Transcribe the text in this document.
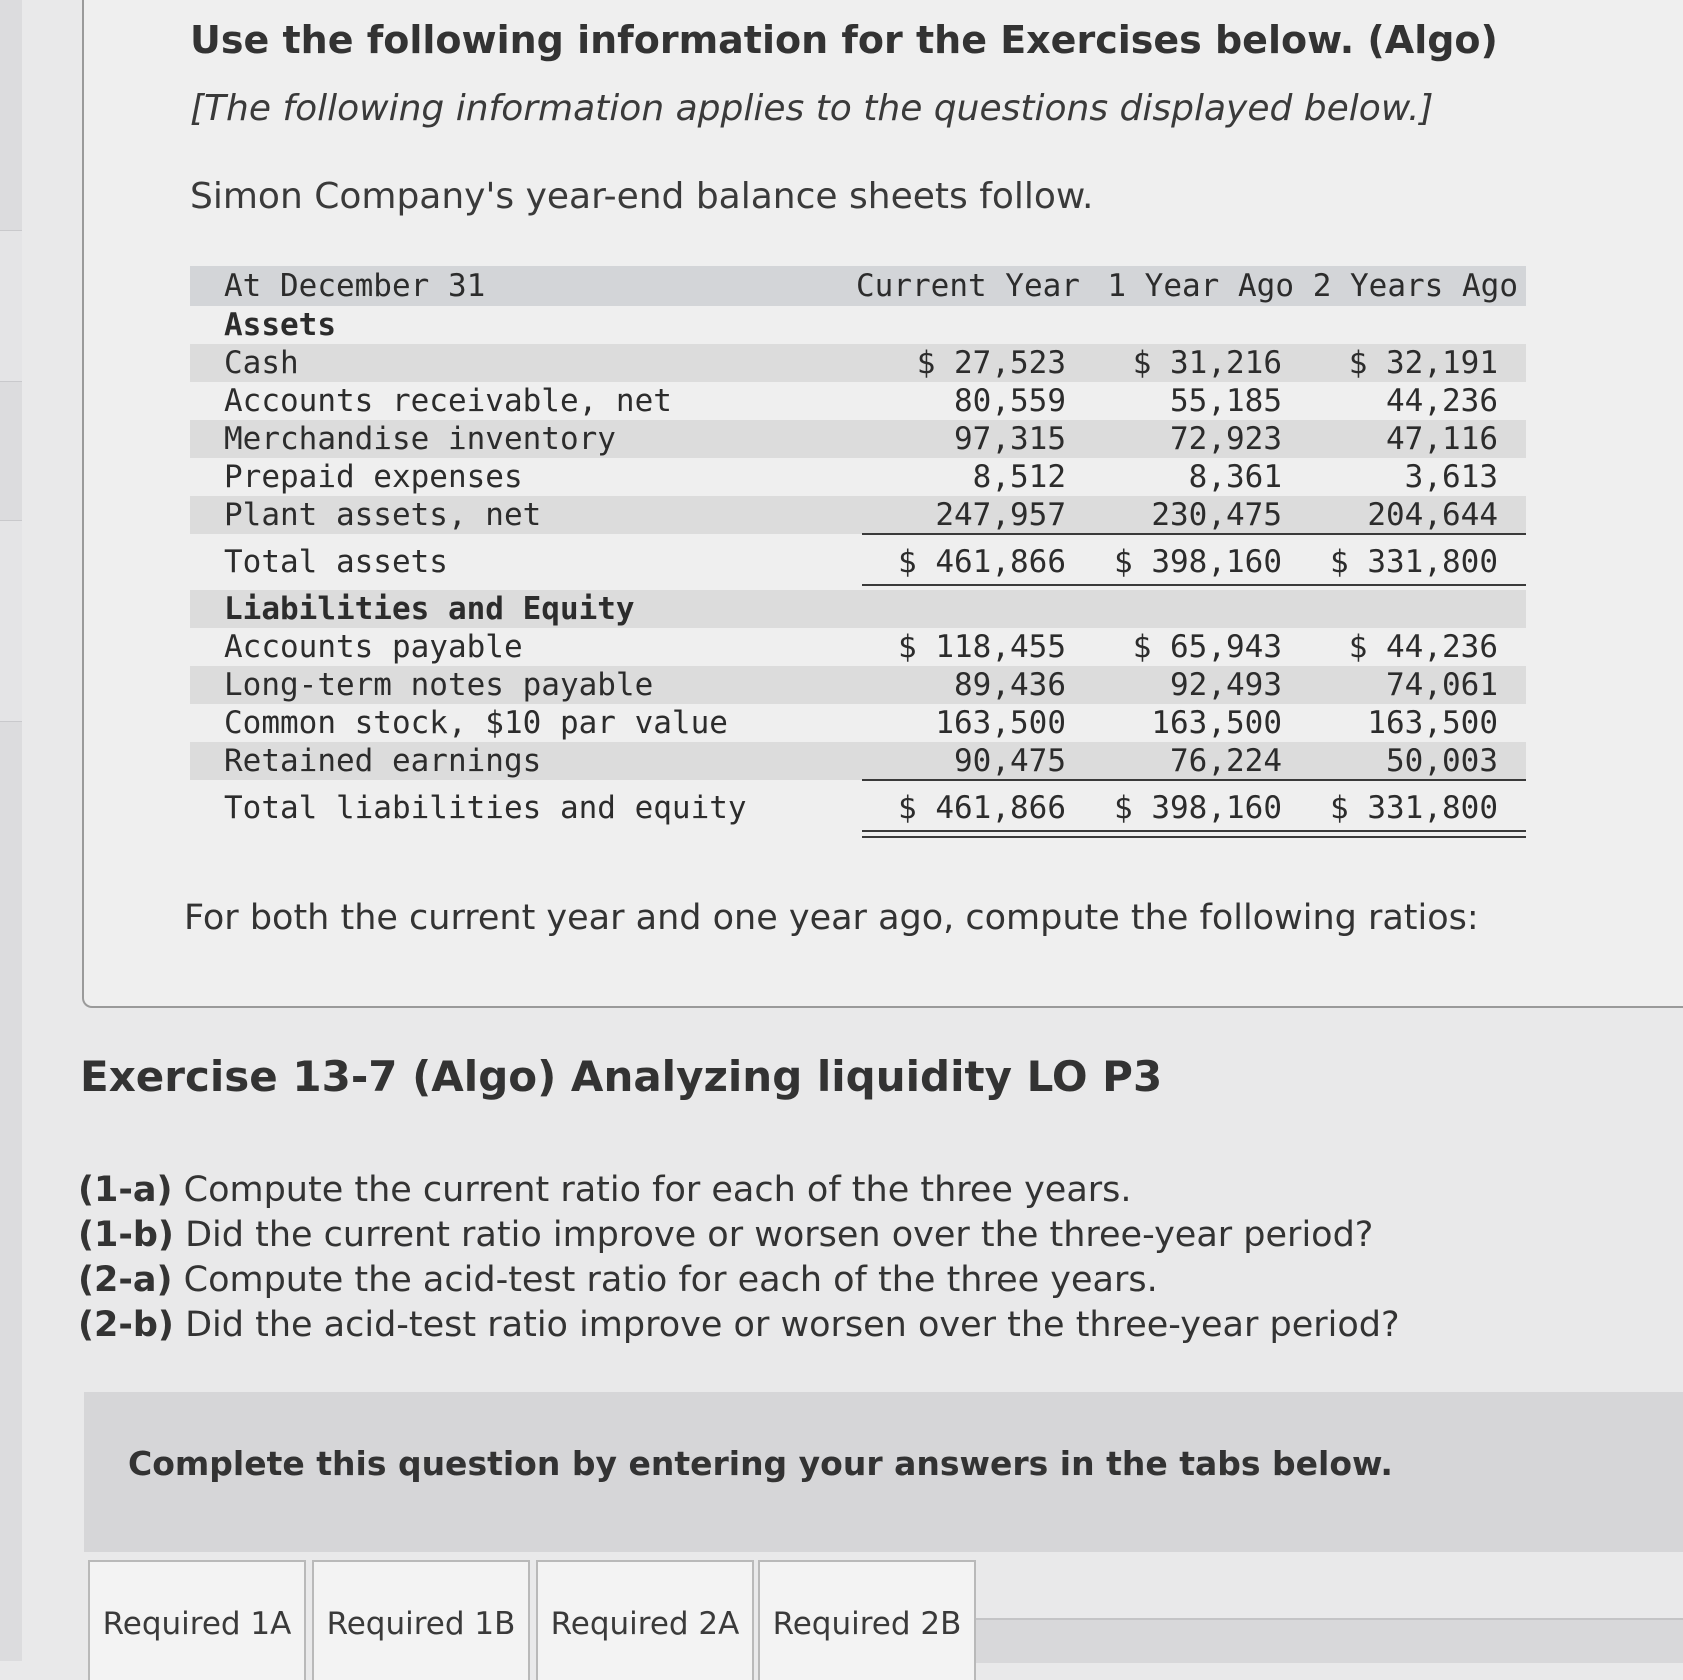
Use the following information for the Exercises below. (Algo)
[The following information applies to the questions displayed below.]
Simon Company's year-end balance sheets follow.
At December 31	Current Year 1 Year Ago 2 Years Ago
Assets
Cash	$ 27,523	$ 31,216	$ 32,191
Accounts receivable, net	80,559	55,185	44,236
Merchandise inventory	97,315	72,923	47,116
Prepaid expenses	8,512	8,361	3,613
Plant assets, net	247,957	230,475	204,644
Total assets	$ 461,866	$ 398,160	$ 331,800
Liabilities and Equity
Accounts payable	$ 118,455	$ 65,943	$ 44,236
Long-term notes payable	89,436	92,493	74,061
Common stock, $10 par value	163,500	163,500	163,500
Retained earnings	90,475	76,224	50,003
Total liabilities and equity	$ 461,866	$ 398,160	$ 331,800
For both the current year and one year ago, compute the following ratios:
Exercise 13-7 (Algo) Analyzing liquidity LO P3
(1-a) Compute the current ratio for each of the three years.
(1-b) Did the current ratio improve or worsen over the three-year period?
(2-a) Compute the acid-test ratio for each of the three years.
(2-b) Did the acid-test ratio improve or worsen over the three-year period?
Complete this question by entering your answers in the tabs below.
Required 1A	Required 1B	Required 2A	Required 2B
